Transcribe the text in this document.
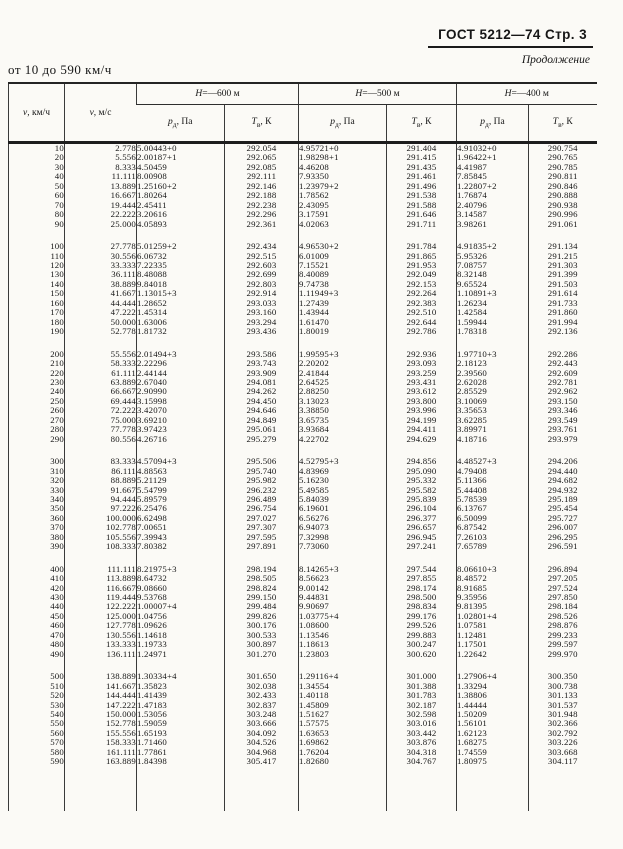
ГОСТ 5212—74 Стр. 3
Продолжение
от 10 до 590 км/ч
v, км/ч	v, м/с	H=—600 м		H=—500 м		H=—400 м	
		$p_д$, Па	$T_в$, К	$p_д$, Па	$T_в$, К	$p_д$, Па	$T_в$, К
10	2.778	5.00443+0	292.054	4.95721+0	291.404	4.91032+0	290.754
20	5.556	2.00187+1	292.065	1.98298+1	291.415	1.96422+1	290.765
30	8.333	4.50459	292.085	4.46208	291.435	4.41987	290.785
40	11.111	8.00908	292.111	7.93350	291.461	7.85845	290.811
50	13.889	1.25160+2	292.146	1.23979+2	291.496	1.22807+2	290.846
60	16.667	1.80264	292.188	1.78562	291.538	1.76874	290.888
70	19.444	2.45411	292.238	2.43095	291.588	2.40796	290.938
80	22.222	3.20616	292.296	3.17591	291.646	3.14587	290.996
90	25.000	4.05893	292.361	4.02063	291.711	3.98261	291.061

100	27.778	5.01259+2	292.434	4.96530+2	291.784	4.91835+2	291.134
110	30.556	6.06732	292.515	6.01009	291.865	5.95326	291.215
120	33.333	7.22335	292.603	7.15521	291.953	7.08757	291.303
130	36.111	8.48088	292.699	8.40089	292.049	8.32148	291.399
140	38.889	9.84018	292.803	9.74738	292.153	9.65524	291.503
150	41.667	1.13015+3	292.914	1.11949+3	292.264	1.10891+3	291.614
160	44.444	1.28652	293.033	1.27439	292.383	1.26234	291.733
170	47.222	1.45314	293.160	1.43944	292.510	1.42584	291.860
180	50.000	1.63006	293.294	1.61470	292.644	1.59944	291.994
190	52.778	1.81732	293.436	1.80019	292.786	1.78318	292.136

200	55.556	2.01494+3	293.586	1.99595+3	292.936	1.97710+3	292.286
210	58.333	2.22296	293.743	2.20202	293.093	2.18123	292.443
220	61.111	2.44144	293.909	2.41844	293.259	2.39560	292.609
230	63.889	2.67040	294.081	2.64525	293.431	2.62028	292.781
240	66.667	2.90990	294.262	2.88250	293.612	2.85529	292.962
250	69.444	3.15998	294.450	3.13023	293.800	3.10069	293.150
260	72.222	3.42070	294.646	3.38850	293.996	3.35653	293.346
270	75.000	3.69210	294.849	3.65735	294.199	3.62285	293.549
280	77.778	3.97423	295.061	3.93684	294.411	3.89971	293.761
290	80.556	4.26716	295.279	4.22702	294.629	4.18716	293.979

300	83.333	4.57094+3	295.506	4.52795+3	294.856	4.48527+3	294.206
310	86.111	4.88563	295.740	4.83969	295.090	4.79408	294.440
320	88.889	5.21129	295.982	5.16230	295.332	5.11366	294.682
330	91.667	5.54799	296.232	5.49585	295.582	5.44408	294.932
340	94.444	5.89579	296.489	5.84039	295.839	5.78539	295.189
350	97.222	6.25476	296.754	6.19601	296.104	6.13767	295.454
360	100.000	6.62498	297.027	6.56276	296.377	6.50099	295.727
370	102.778	7.00651	297.307	6.94073	296.657	6.87542	296.007
380	105.556	7.39943	297.595	7.32998	296.945	7.26103	296.295
390	108.333	7.80382	297.891	7.73060	297.241	7.65789	296.591

400	111.111	8.21975+3	298.194	8.14265+3	297.544	8.06610+3	296.894
410	113.889	8.64732	298.505	8.56623	297.855	8.48572	297.205
420	116.667	9.08660	298.824	9.00142	298.174	8.91685	297.524
430	119.444	9.53768	299.150	9.44831	298.500	9.35956	297.850
440	122.222	1.00007+4	299.484	9.90697	298.834	9.81395	298.184
450	125.000	1.04756	299.826	1.03775+4	299.176	1.02801+4	298.526
460	127.778	1.09626	300.176	1.08600	299.526	1.07581	298.876
470	130.556	1.14618	300.533	1.13546	299.883	1.12481	299.233
480	133.333	1.19733	300.897	1.18613	300.247	1.17501	299.597
490	136.111	1.24971	301.270	1.23803	300.620	1.22642	299.970

500	138.889	1.30334+4	301.650	1.29116+4	301.000	1.27906+4	300.350
510	141.667	1.35823	302.038	1.34554	301.388	1.33294	300.738
520	144.444	1.41439	302.433	1.40118	301.783	1.38806	301.133
530	147.222	1.47183	302.837	1.45809	302.187	1.44444	301.537
540	150.000	1.53056	303.248	1.51627	302.598	1.50209	301.948
550	152.778	1.59059	303.666	1.57575	303.016	1.56101	302.366
560	155.556	1.65193	304.092	1.63653	303.442	1.62123	302.792
570	158.333	1.71460	304.526	1.69862	303.876	1.68275	303.226
580	161.111	1.77861	304.968	1.76204	304.318	1.74559	303.668
590	163.889	1.84398	305.417	1.82680	304.767	1.80975	304.117
